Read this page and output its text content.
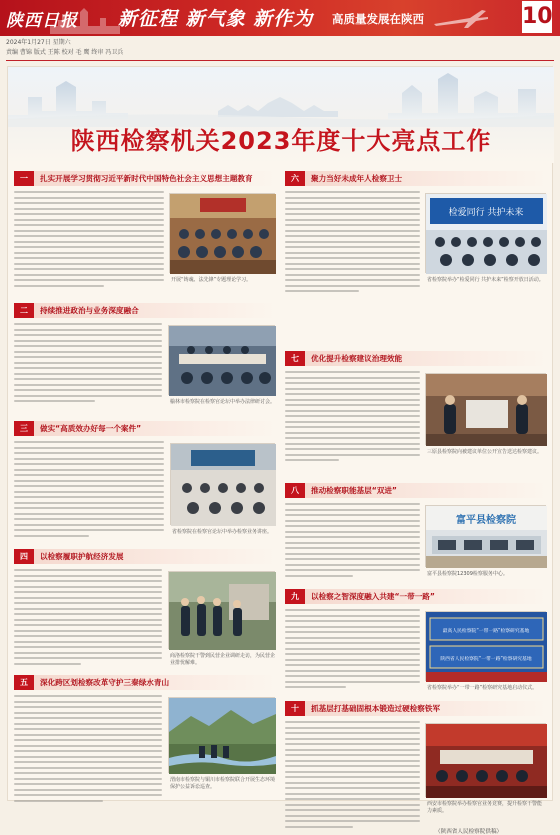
陕西日报 新征程 新气象 新作为 高质量发展在陕西	10
2024年1月27日 星期六
责编 曹锦 版式 王陈 校对 毛 鹰 终审 冯卫兵
陕西检察机关2023年度十大亮点工作
一	扎实开展学习贯彻习近平新时代中国特色社会主义思想主题教育
开展“铸魂、法先锋”专题理论学习。
二	持续推进政治与业务深度融合
榆林市检察院在检察官论坛中举办法律研讨会。
三	做实“高质效办好每一个案件”
省检察院在检察官论坛中举办检察业务讲座。
四	以检察履职护航经济发展
商洛检察院干警到民营企业调研走访，为民营企业排忧解难。
五	深化跨区划检察改革守护三秦绿水青山
渭南市检察院与铜川市检察院联合开展生态环境保护公益诉讼巡查。
六	聚力当好未成年人检察卫士
检爱同行 共护未来
省检察院举办“检爱同行 共护未来”检察开放日活动。
七	优化提升检察建议治理效能
三原县检察院向被建议单位公开宣告送达检察建议。
八	推动检察职能基层“双进”
富平县检察院
富平县检察院12309检察服务中心。
九	以检察之智深度融入共建“一带一路”
最高人民检察院“一带一路”检察研究基地
陕西省人民检察院“一带一路”检察研究基地
省检察院举办“一带一路”检察研究基地启动仪式。
十	抓基层打基础固根本锻造过硬检察铁军
西安市检察院举办检察官业务竞赛，提升检察干警能力素质。
（陕西省人民检察院供稿）
